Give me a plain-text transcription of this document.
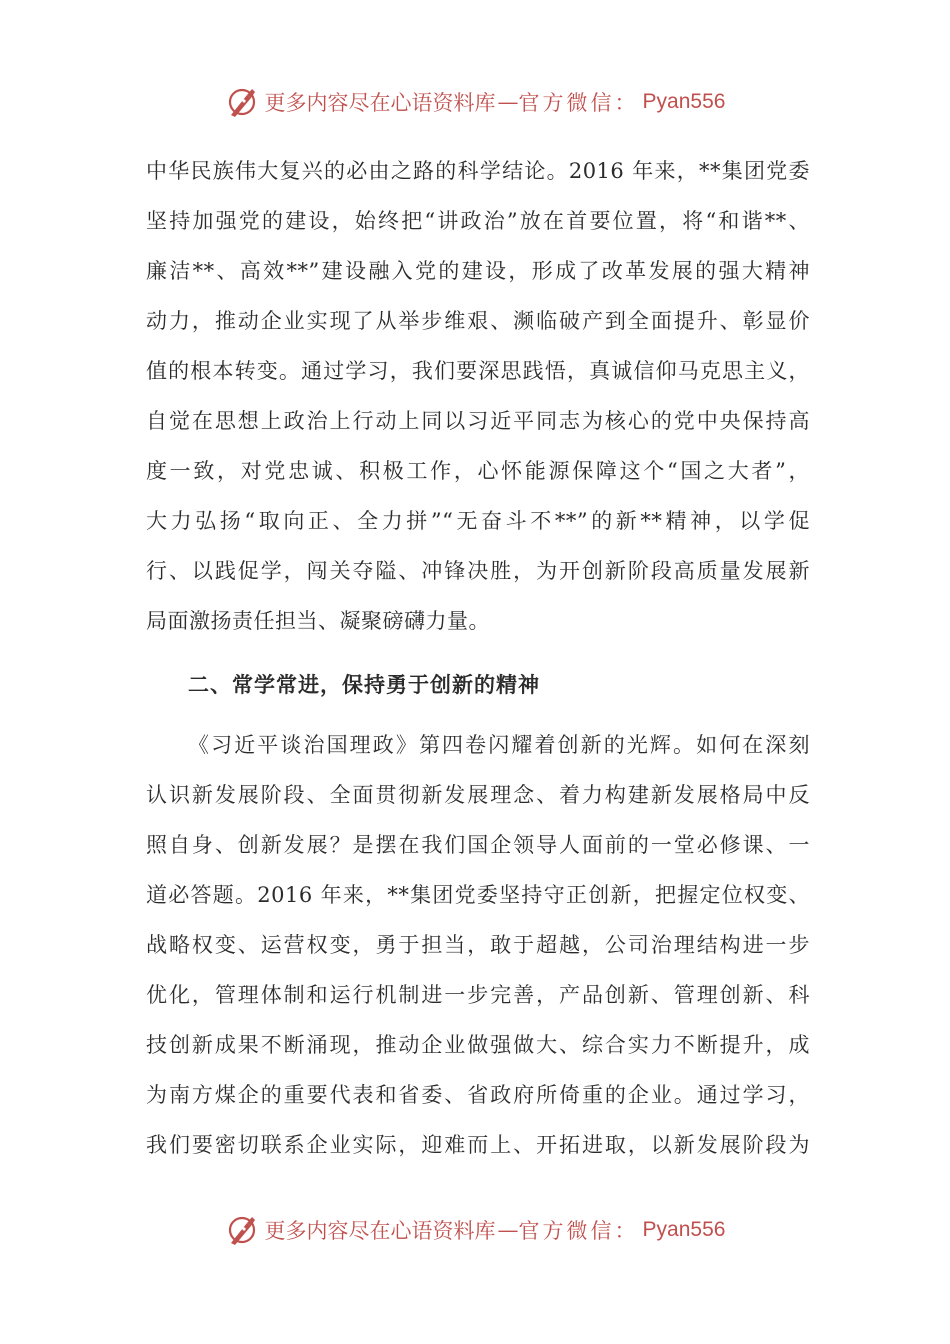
更多内容尽在心语资料库 — 官方微信： Pyan556
中华民族伟大复兴的必由之路的科学结论。2016 年来，**集团党委
坚持加强党的建设，始终把“讲政治”放在首要位置，将“和谐**、
廉洁**、高效**”建设融入党的建设，形成了改革发展的强大精神
动力，推动企业实现了从举步维艰、濒临破产到全面提升、彰显价
值的根本转变。通过学习，我们要深思践悟，真诚信仰马克思主义，
自觉在思想上政治上行动上同以习近平同志为核心的党中央保持高
度一致，对党忠诚、积极工作，心怀能源保障这个“国之大者”，
大力弘扬“取向正、全力拼”“无奋斗不**”的新**精神，以学促
行、以践促学，闯关夺隘、冲锋决胜，为开创新阶段高质量发展新
局面激扬责任担当、凝聚磅礴力量。
二、常学常进，保持勇于创新的精神
《习近平谈治国理政》第四卷闪耀着创新的光辉。如何在深刻
认识新发展阶段、全面贯彻新发展理念、着力构建新发展格局中反
照自身、创新发展？是摆在我们国企领导人面前的一堂必修课、一
道必答题。2016 年来，**集团党委坚持守正创新，把握定位权变、
战略权变、运营权变，勇于担当，敢于超越，公司治理结构进一步
优化，管理体制和运行机制进一步完善，产品创新、管理创新、科
技创新成果不断涌现，推动企业做强做大、综合实力不断提升，成
为南方煤企的重要代表和省委、省政府所倚重的企业。通过学习，
我们要密切联系企业实际，迎难而上、开拓进取，以新发展阶段为
更多内容尽在心语资料库 — 官方微信： Pyan556
